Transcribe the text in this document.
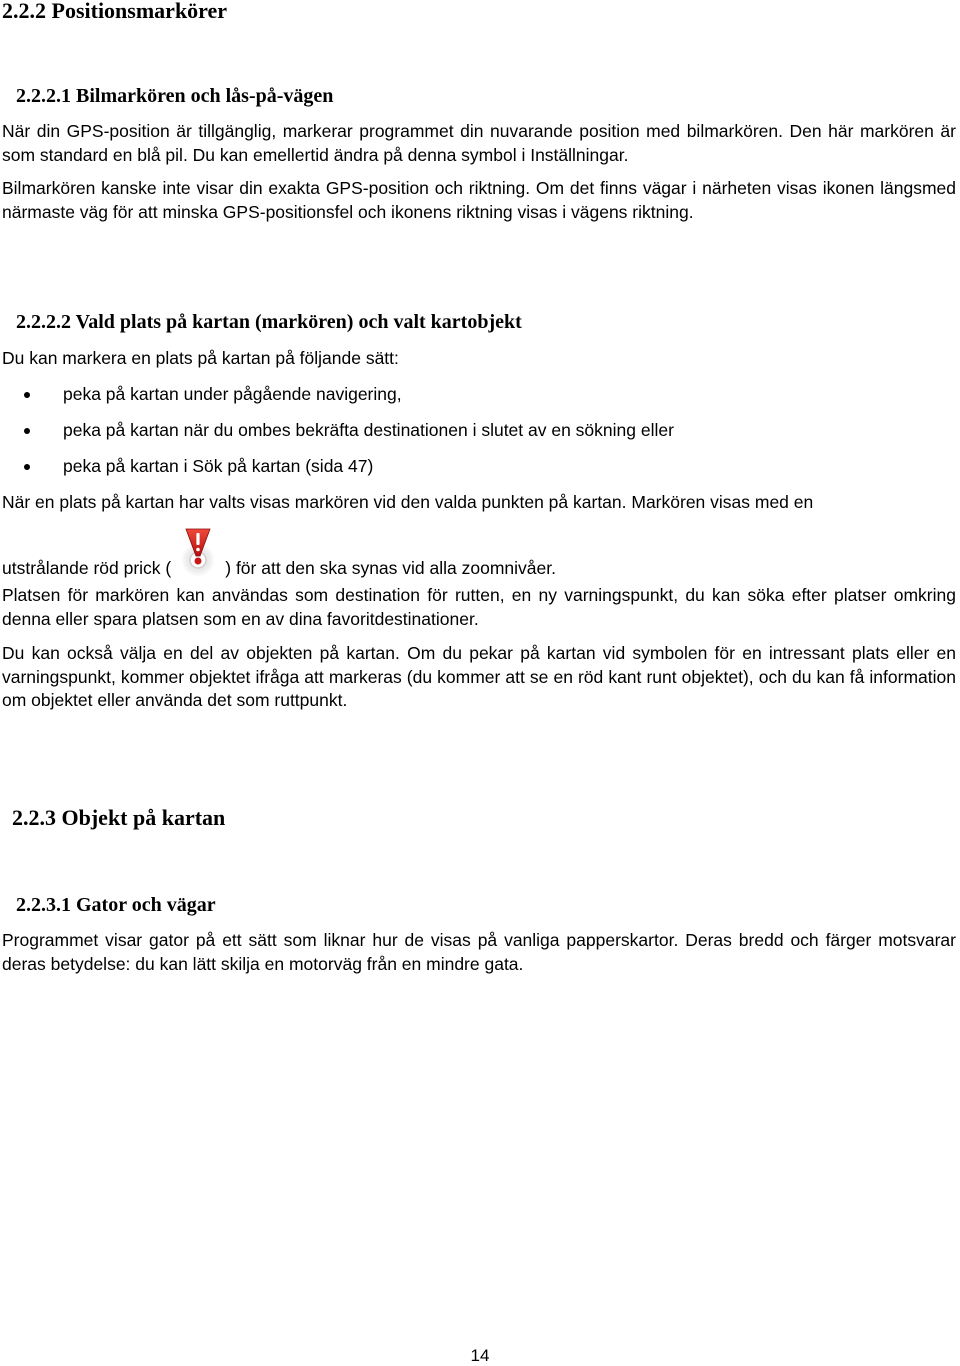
2.2.2 Positionsmarkörer
2.2.2.1 Bilmarkören och lås-på-vägen

När din GPS-position är tillgänglig, markerar programmet din nuvarande position med bilmarkören. Den här markören är som standard en blå pil. Du kan emellertid ändra på denna symbol i Inställningar.

Bilmarkören kanske inte visar din exakta GPS-position och riktning. Om det finns vägar i närheten visas ikonen längsmed närmaste väg för att minska GPS-positionsfel och ikonens riktning visas i vägens riktning.

2.2.2.2 Vald plats på kartan (markören) och valt kartobjekt

Du kan markera en plats på kartan på följande sätt:

peka på kartan under pågående navigering,
peka på kartan när du ombes bekräfta destinationen i slutet av en sökning eller
peka på kartan i Sök på kartan (sida 47)

När en plats på kartan har valts visas markören vid den valda punkten på kartan. Markören visas med en

utstrålande röd prick (	) för att den ska synas vid alla zoomnivåer.

Platsen för markören kan användas som destination för rutten, en ny varningspunkt, du kan söka efter platser omkring denna eller spara platsen som en av dina favoritdestinationer.

Du kan också välja en del av objekten på kartan. Om du pekar på kartan vid symbolen för en intressant plats eller en varningspunkt, kommer objektet ifråga att markeras (du kommer att se en röd kant runt objektet), och du kan få information om objektet eller använda det som ruttpunkt.

2.2.3 Objekt på kartan
2.2.3.1 Gator och vägar

Programmet visar gator på ett sätt som liknar hur de visas på vanliga papperskartor. Deras bredd och färger motsvarar deras betydelse: du kan lätt skilja en motorväg från en mindre gata.

14
